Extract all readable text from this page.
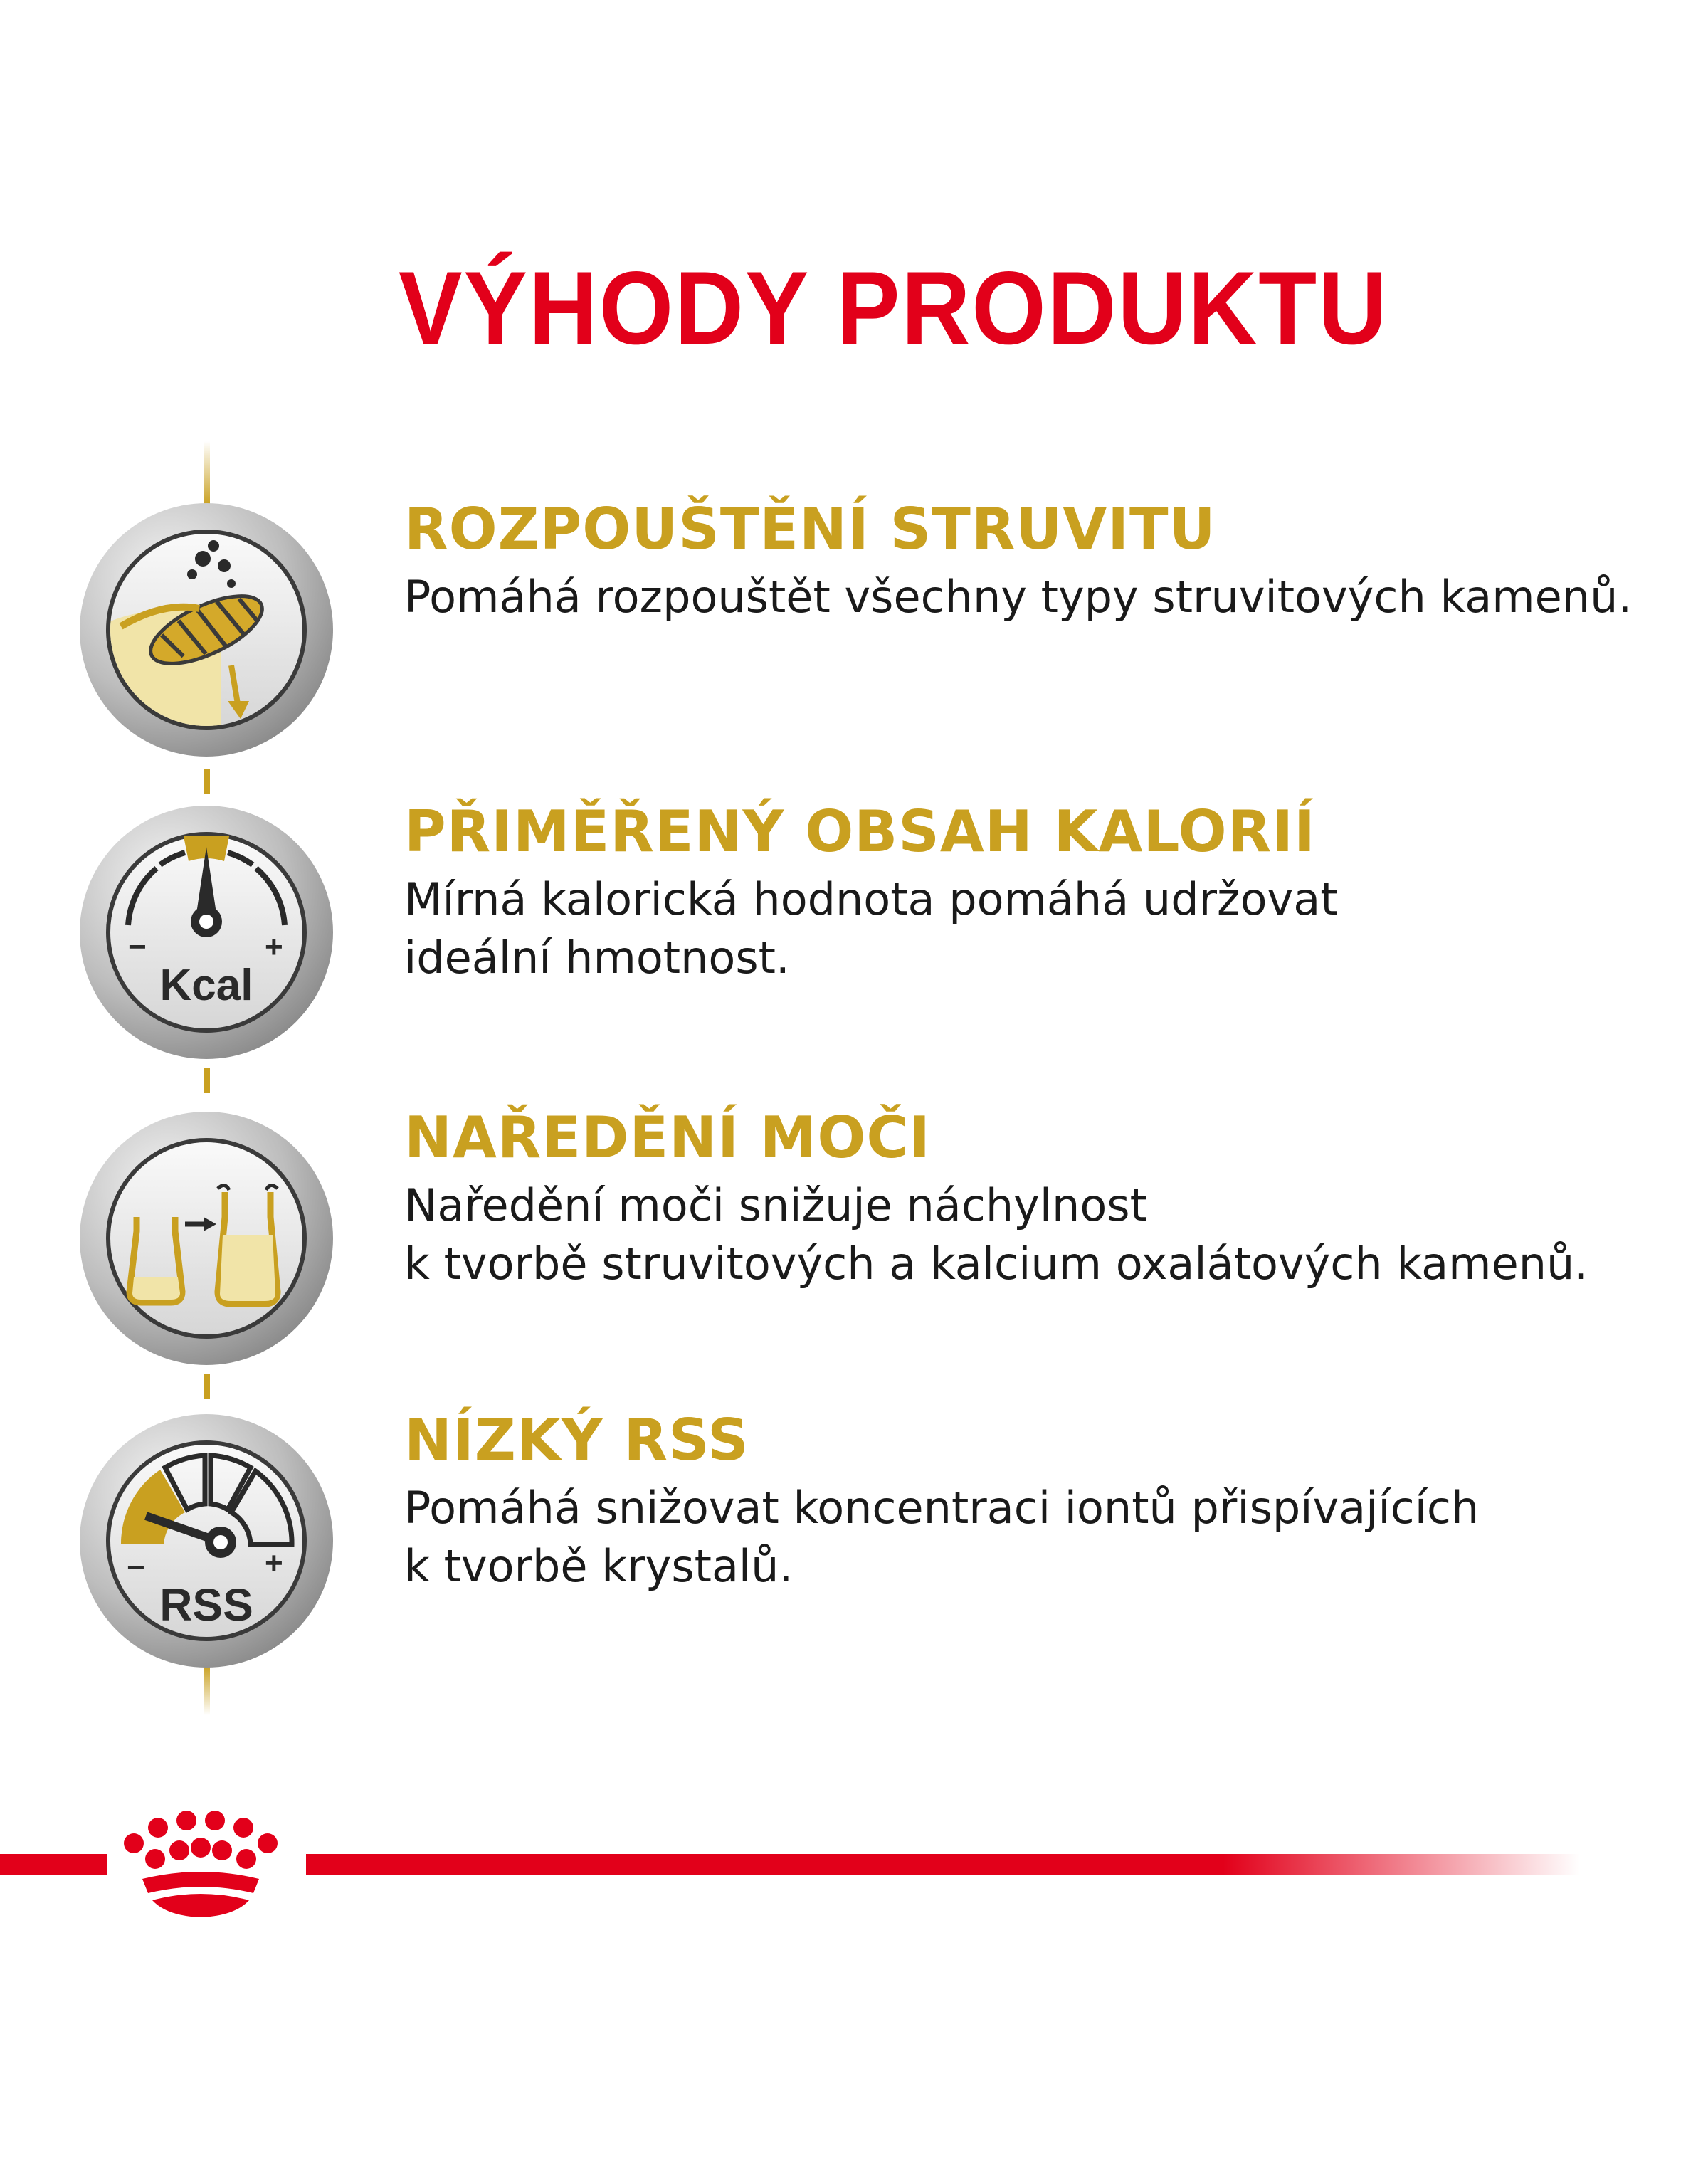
VÝHODY PRODUKTU
ROZPOUŠTĚNÍ STRUVITU
Pomáhá rozpouštět všechny typy struvitových kamenů.
−	+
Kcal
PŘIMĚŘENÝ OBSAH KALORIÍ
Mírná kalorická hodnota pomáhá udržovat
ideální hmotnost.
NAŘEDĚNÍ MOČI
Naředění moči snižuje náchylnost
k tvorbě struvitových a kalcium oxalátových kamenů.
−	+
RSS
NÍZKÝ RSS
Pomáhá snižovat koncentraci iontů přispívajících
k tvorbě krystalů.
